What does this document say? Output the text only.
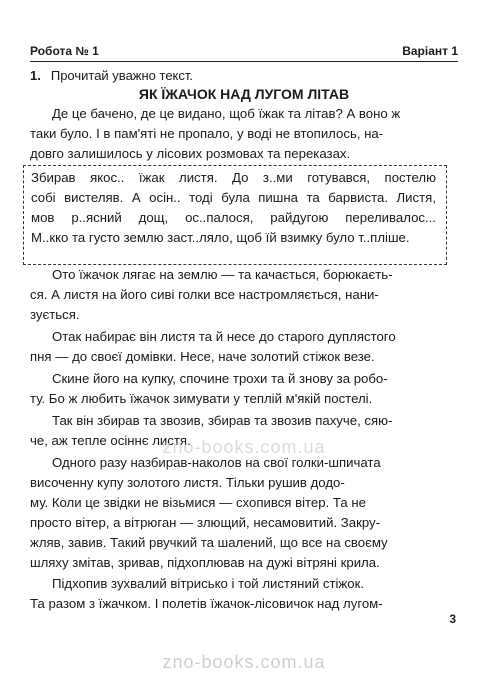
Робота № 1	Варіант 1
1. Прочитай уважно текст.
ЯК ЇЖАЧОК НАД ЛУГОМ ЛІТАВ
Де це бачено, де це видано, щоб їжак та літав? А воно ж
таки було. І в пам'яті не пропало, у воді не втопилось, на-
довго залишилось у лісових розмовах та переказах.
Збирав якос.. їжак листя. До з..ми готувався, постелю собі вистеляв. А осін.. тоді була пишна та барвиста. Листя, мов р..ясний дощ, ос..палося, райдугою переливалос... М..кко та густо землю заст..ляло, щоб їй взимку було т..пліше.
Ото їжачок лягає на землю — та качається, борюкаєть-
ся. А листя на його сиві голки все настромляється, нани-
зується.
Отак набирає він листя та й несе до старого дуплястого
пня — до своєї домівки. Несе, наче золотий стіжок везе.
Скине його на купку, спочине трохи та й знову за робо-
ту. Бо ж любить їжачок зимувати у теплій м'якій постелі.
Так він збирав та звозив, збирав та звозив пахуче, сяю-
че, аж тепле осіннє листя.
Одного разу назбирав-наколов на свої голки-шпичата
височенну купу золотого листя. Тільки рушив додо-
му. Коли це звідки не візьмися — схопився вітер. Та не
просто вітер, а вітрюган — злющий, несамовитий. Закру-
жляв, завив. Такий рвучкий та шалений, що все на своєму
шляху змітав, зривав, підхоплював на дужі вітряні крила.
Підхопив зухвалий вітрисько і той листяний стіжок.
Та разом з їжачком. І полетів їжачок-лісовичок над лугом-
zno-books.com.ua
3
zno-books.com.ua
